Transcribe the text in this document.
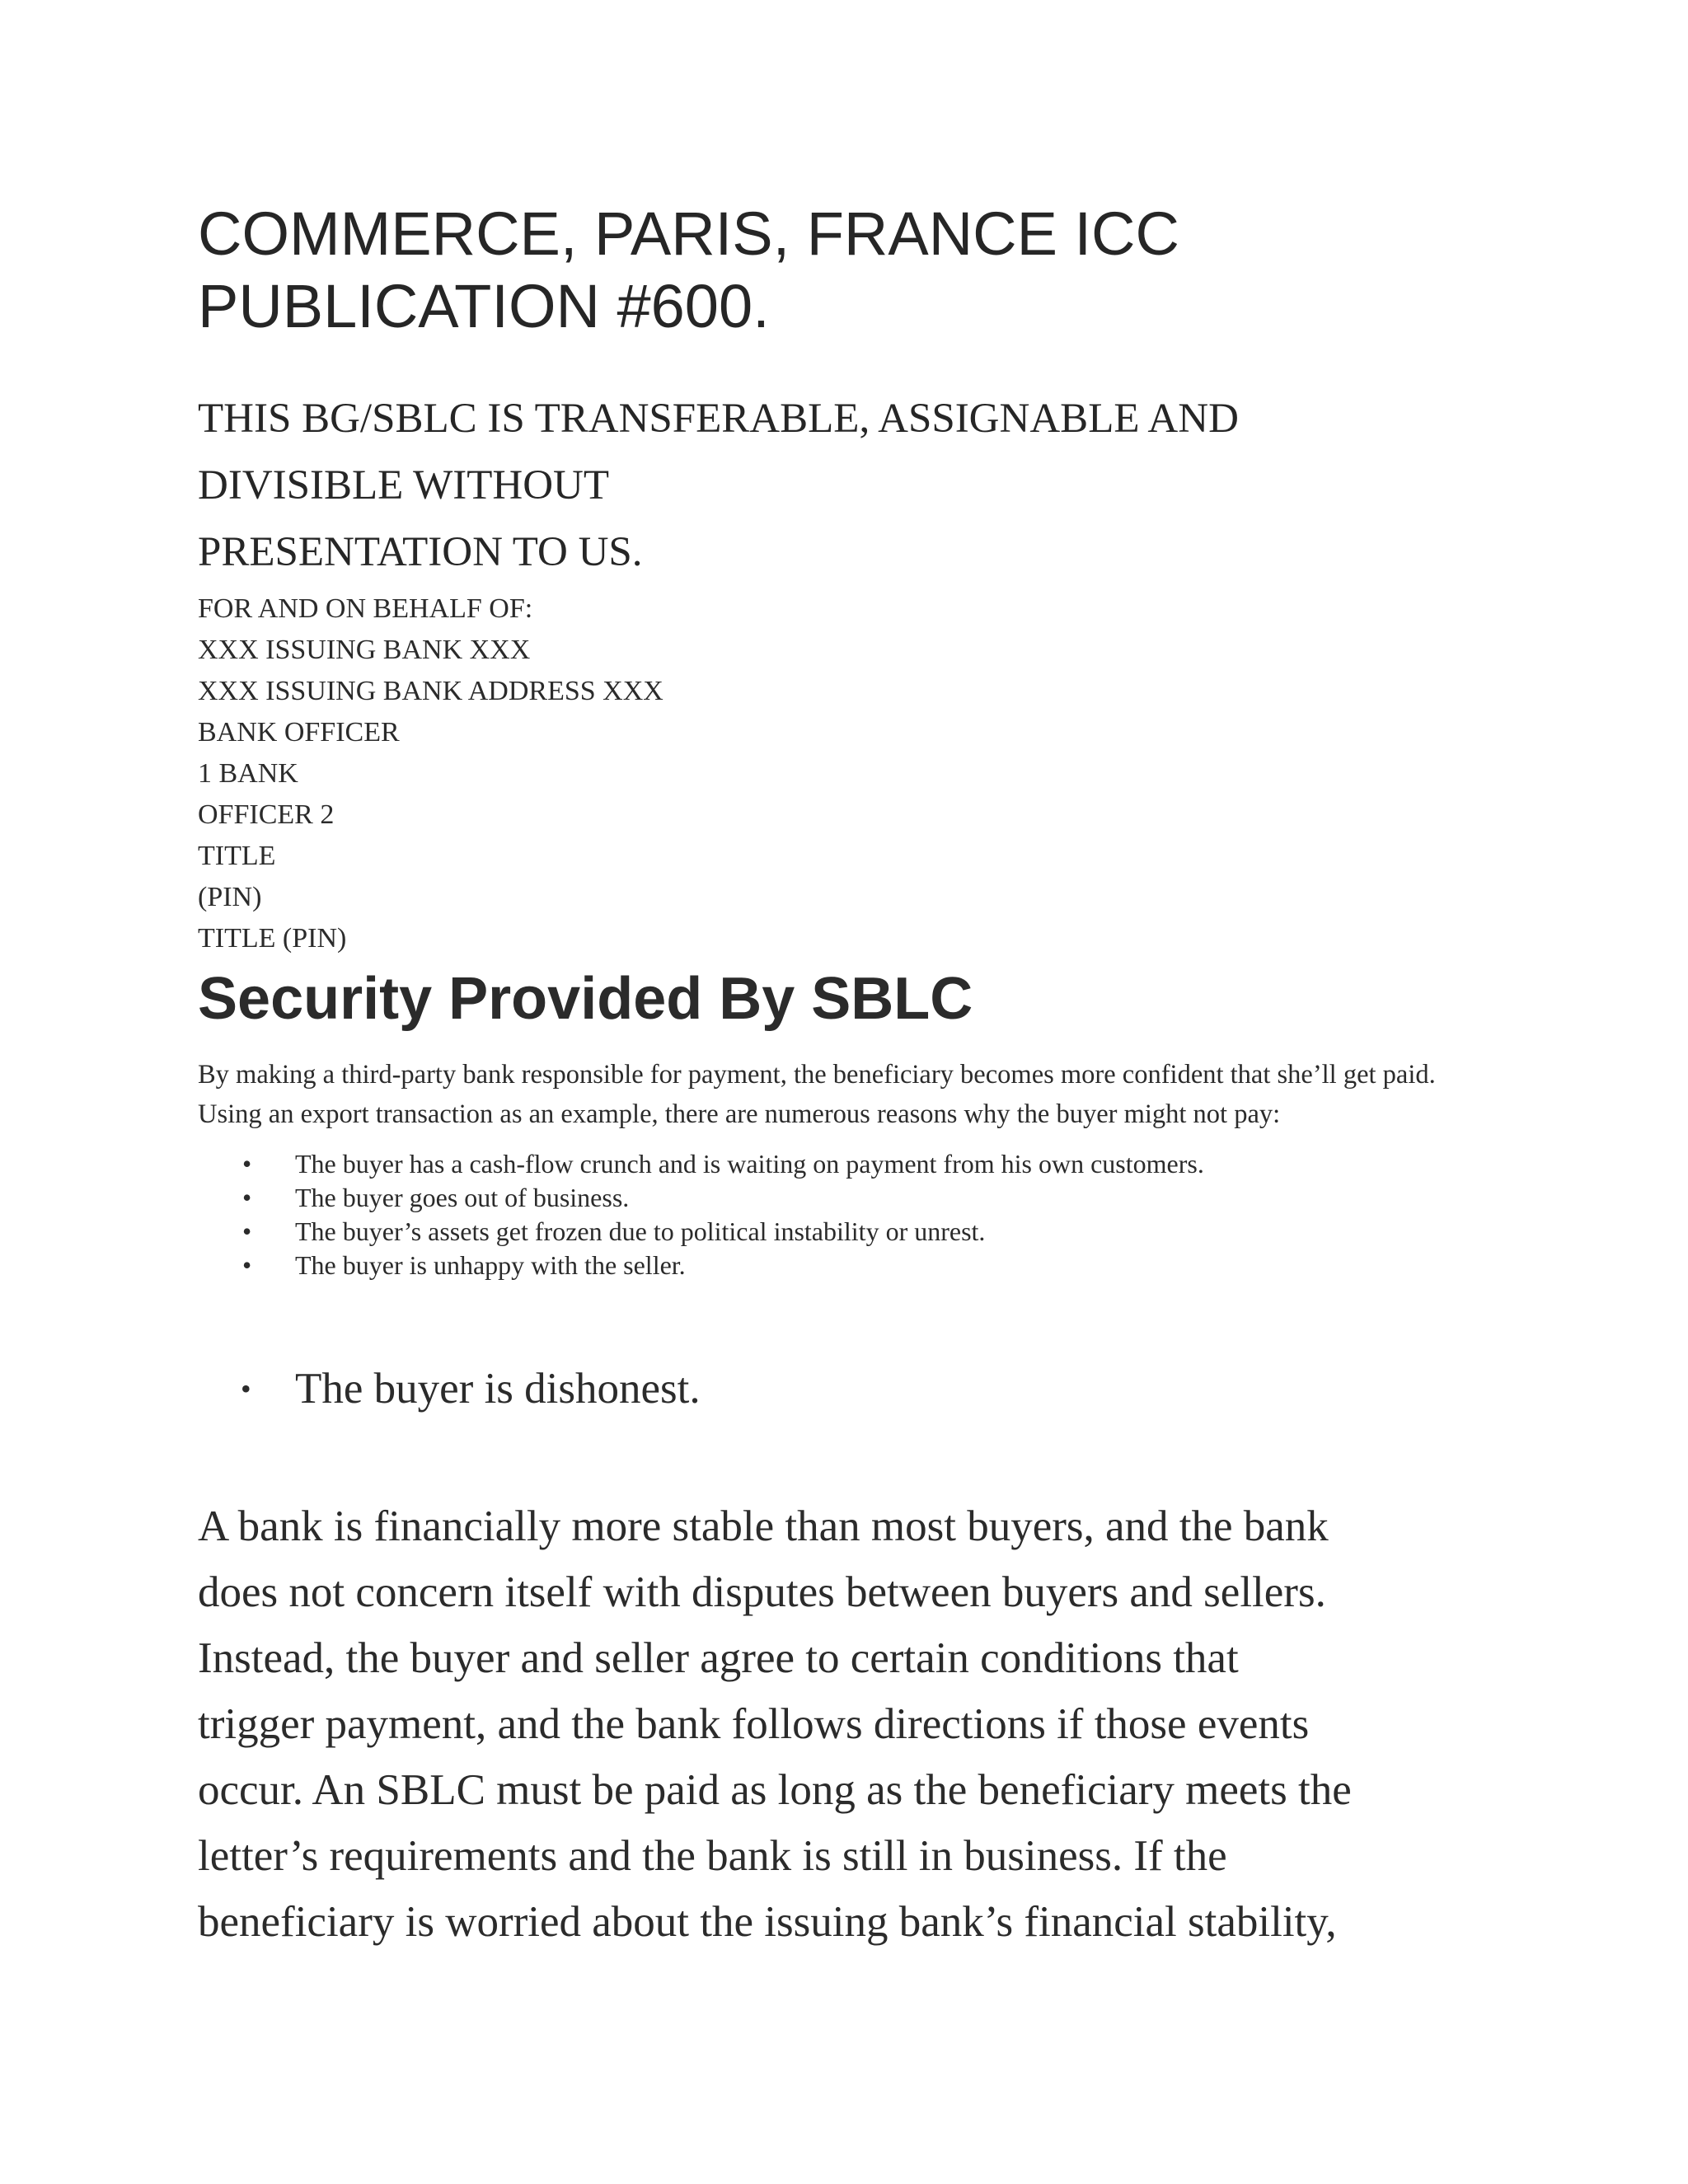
COMMERCE, PARIS, FRANCE ICC
PUBLICATION #600.
THIS BG/SBLC IS TRANSFERABLE, ASSIGNABLE AND
DIVISIBLE WITHOUT
PRESENTATION TO US.
FOR AND ON BEHALF OF:
XXX ISSUING BANK XXX
XXX ISSUING BANK ADDRESS XXX
BANK OFFICER
1 BANK
OFFICER 2
TITLE
(PIN)
TITLE (PIN)
Security Provided By SBLC

By making a third-party bank responsible for payment, the beneficiary becomes more confident that she’ll get paid. Using an export transaction as an example, there are numerous reasons why the buyer might not pay:

• The buyer has a cash-flow crunch and is waiting on payment from his own customers.
• The buyer goes out of business.
• The buyer’s assets get frozen due to political instability or unrest.
• The buyer is unhappy with the seller.
• The buyer is dishonest.

A bank is financially more stable than most buyers, and the bank
does not concern itself with disputes between buyers and sellers.
Instead, the buyer and seller agree to certain conditions that
trigger payment, and the bank follows directions if those events
occur. An SBLC must be paid as long as the beneficiary meets the
letter’s requirements and the bank is still in business. If the
beneficiary is worried about the issuing bank’s financial stability,
